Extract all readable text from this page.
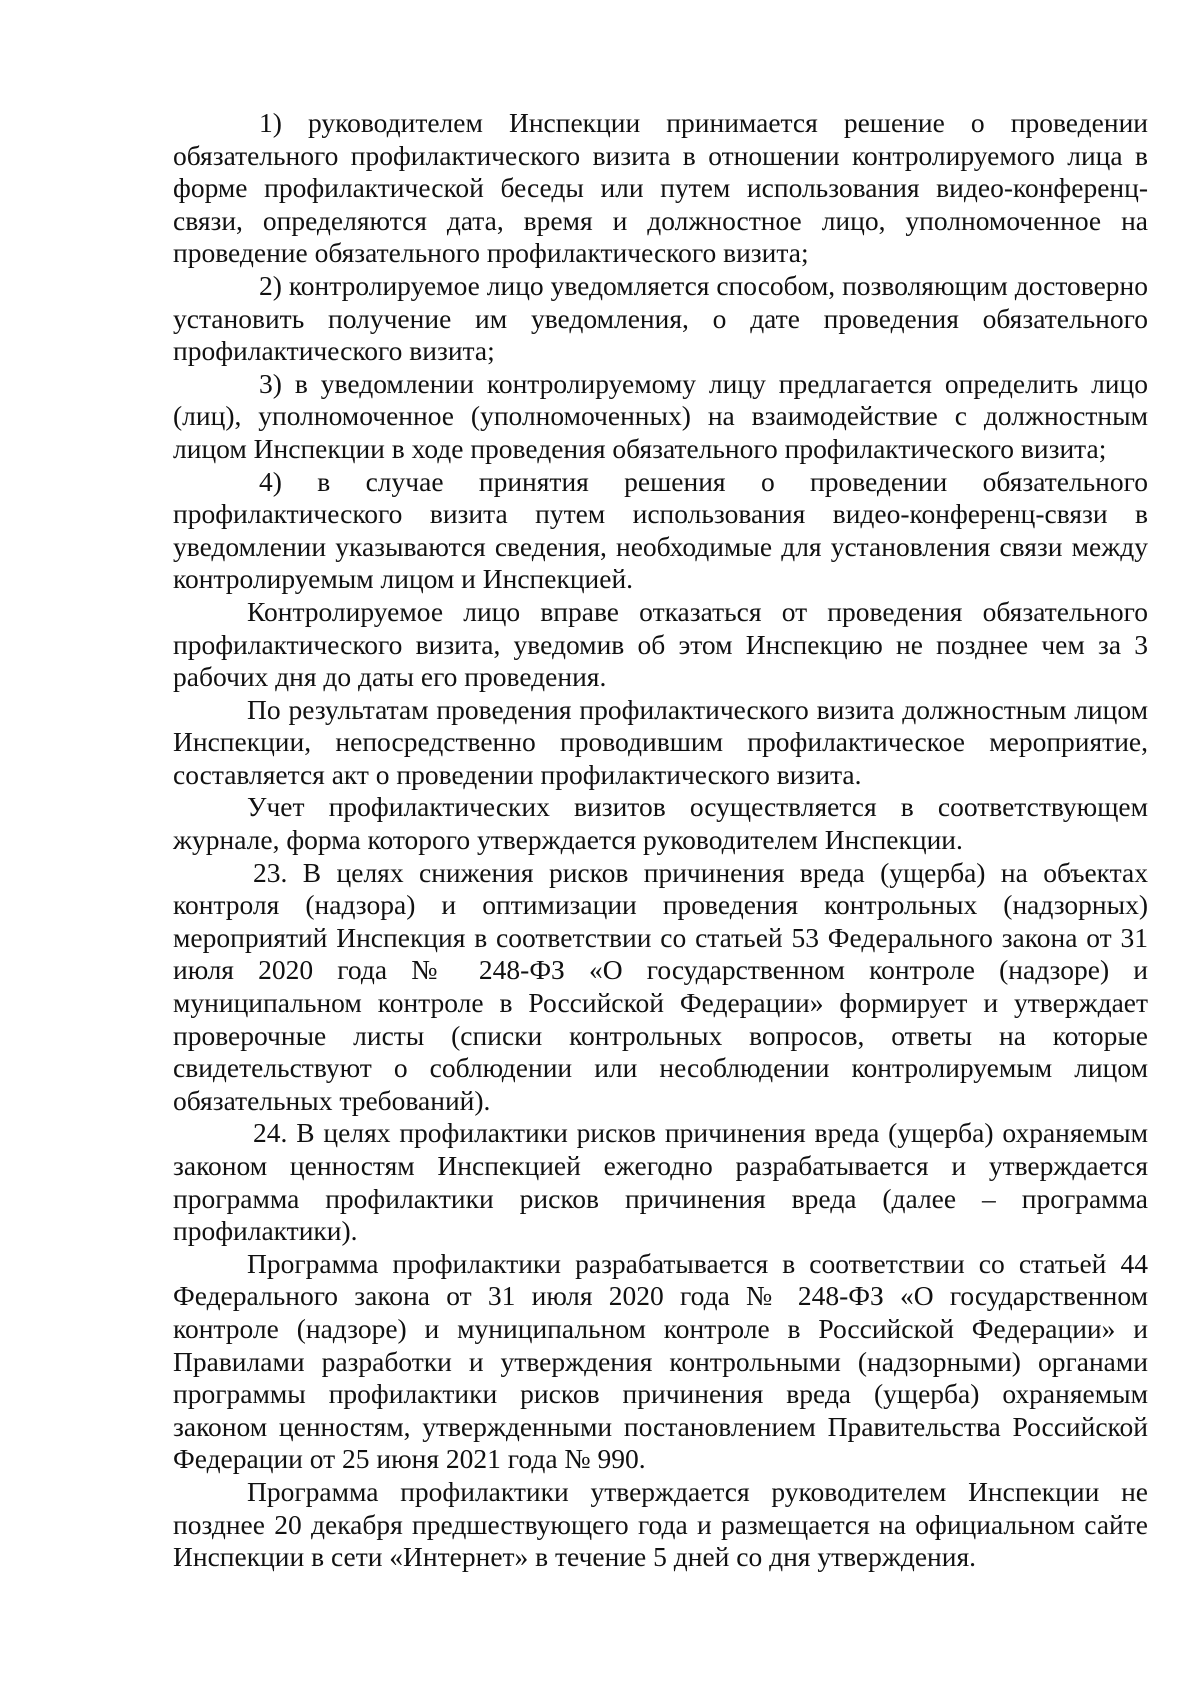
1) руководителем Инспекции принимается решение о проведении обязательного профилактического визита в отношении контролируемого лица в форме профилактической беседы или путем использования видео-конференц-связи, определяются дата, время и должностное лицо, уполномоченное на проведение обязательного профилактического визита;

2) контролируемое лицо уведомляется способом, позволяющим достоверно установить получение им уведомления, о дате проведения обязательного профилактического визита;

3) в уведомлении контролируемому лицу предлагается определить лицо (лиц), уполномоченное (уполномоченных) на взаимодействие с должностным лицом Инспекции в ходе проведения обязательного профилактического визита;

4) в случае принятия решения о проведении обязательного профилактического визита путем использования видео-конференц-связи в уведомлении указываются сведения, необходимые для установления связи между контролируемым лицом и Инспекцией.

Контролируемое лицо вправе отказаться от проведения обязательного профилактического визита, уведомив об этом Инспекцию не позднее чем за 3 рабочих дня до даты его проведения.

По результатам проведения профилактического визита должностным лицом Инспекции, непосредственно проводившим профилактическое мероприятие, составляется акт о проведении профилактического визита.

Учет профилактических визитов осуществляется в соответствующем журнале, форма которого утверждается руководителем Инспекции.

23. В целях снижения рисков причинения вреда (ущерба) на объектах контроля (надзора) и оптимизации проведения контрольных (надзорных) мероприятий Инспекция в соответствии со статьей 53 Федерального закона от 31 июля 2020 года № 248-ФЗ «О государственном контроле (надзоре) и муниципальном контроле в Российской Федерации» формирует и утверждает проверочные листы (списки контрольных вопросов, ответы на которые свидетельствуют о соблюдении или несоблюдении контролируемым лицом обязательных требований).

24. В целях профилактики рисков причинения вреда (ущерба) охраняемым законом ценностям Инспекцией ежегодно разрабатывается и утверждается программа профилактики рисков причинения вреда (далее – программа профилактики).

Программа профилактики разрабатывается в соответствии со статьей 44 Федерального закона от 31 июля 2020 года № 248-ФЗ «О государственном контроле (надзоре) и муниципальном контроле в Российской Федерации» и Правилами разработки и утверждения контрольными (надзорными) органами программы профилактики рисков причинения вреда (ущерба) охраняемым законом ценностям, утвержденными постановлением Правительства Российской Федерации от 25 июня 2021 года № 990.

Программа профилактики утверждается руководителем Инспекции не позднее 20 декабря предшествующего года и размещается на официальном сайте Инспекции в сети «Интернет» в течение 5 дней со дня утверждения.
